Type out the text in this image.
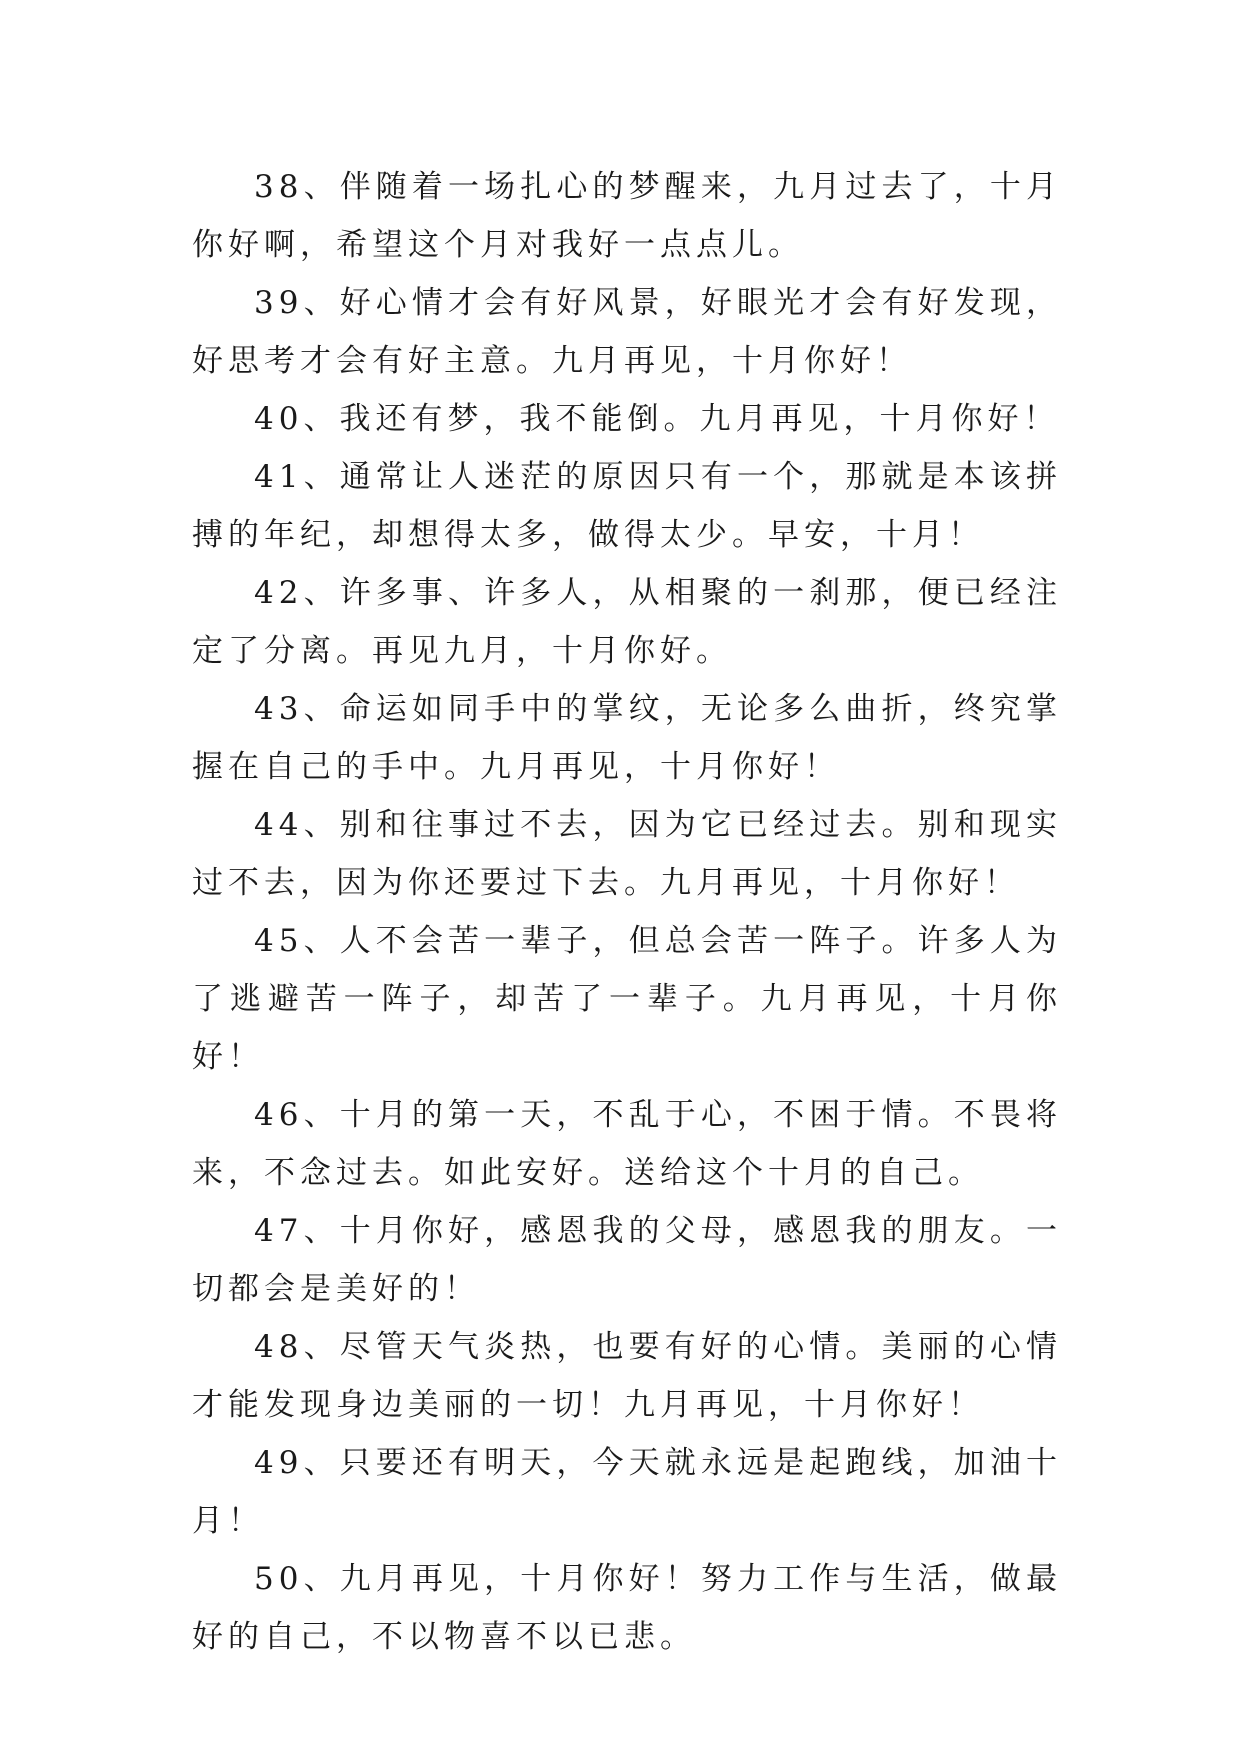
38、伴随着一场扎心的梦醒来，九月过去了，十月你好啊，希望这个月对我好一点点儿。

39、好心情才会有好风景，好眼光才会有好发现，好思考才会有好主意。九月再见，十月你好！

40、我还有梦，我不能倒。九月再见，十月你好！

41、通常让人迷茫的原因只有一个，那就是本该拼搏的年纪，却想得太多，做得太少。早安，十月！

42、许多事、许多人，从相聚的一刹那，便已经注定了分离。再见九月，十月你好。

43、命运如同手中的掌纹，无论多么曲折，终究掌握在自己的手中。九月再见，十月你好！

44、别和往事过不去，因为它已经过去。别和现实过不去，因为你还要过下去。九月再见，十月你好！

45、人不会苦一辈子，但总会苦一阵子。许多人为了逃避苦一阵子，却苦了一辈子。九月再见，十月你好！

46、十月的第一天，不乱于心，不困于情。不畏将来，不念过去。如此安好。送给这个十月的自己。

47、十月你好，感恩我的父母，感恩我的朋友。一切都会是美好的！

48、尽管天气炎热，也要有好的心情。美丽的心情才能发现身边美丽的一切！九月再见，十月你好！

49、只要还有明天，今天就永远是起跑线，加油十月！

50、九月再见，十月你好！努力工作与生活，做最好的自己，不以物喜不以已悲。
